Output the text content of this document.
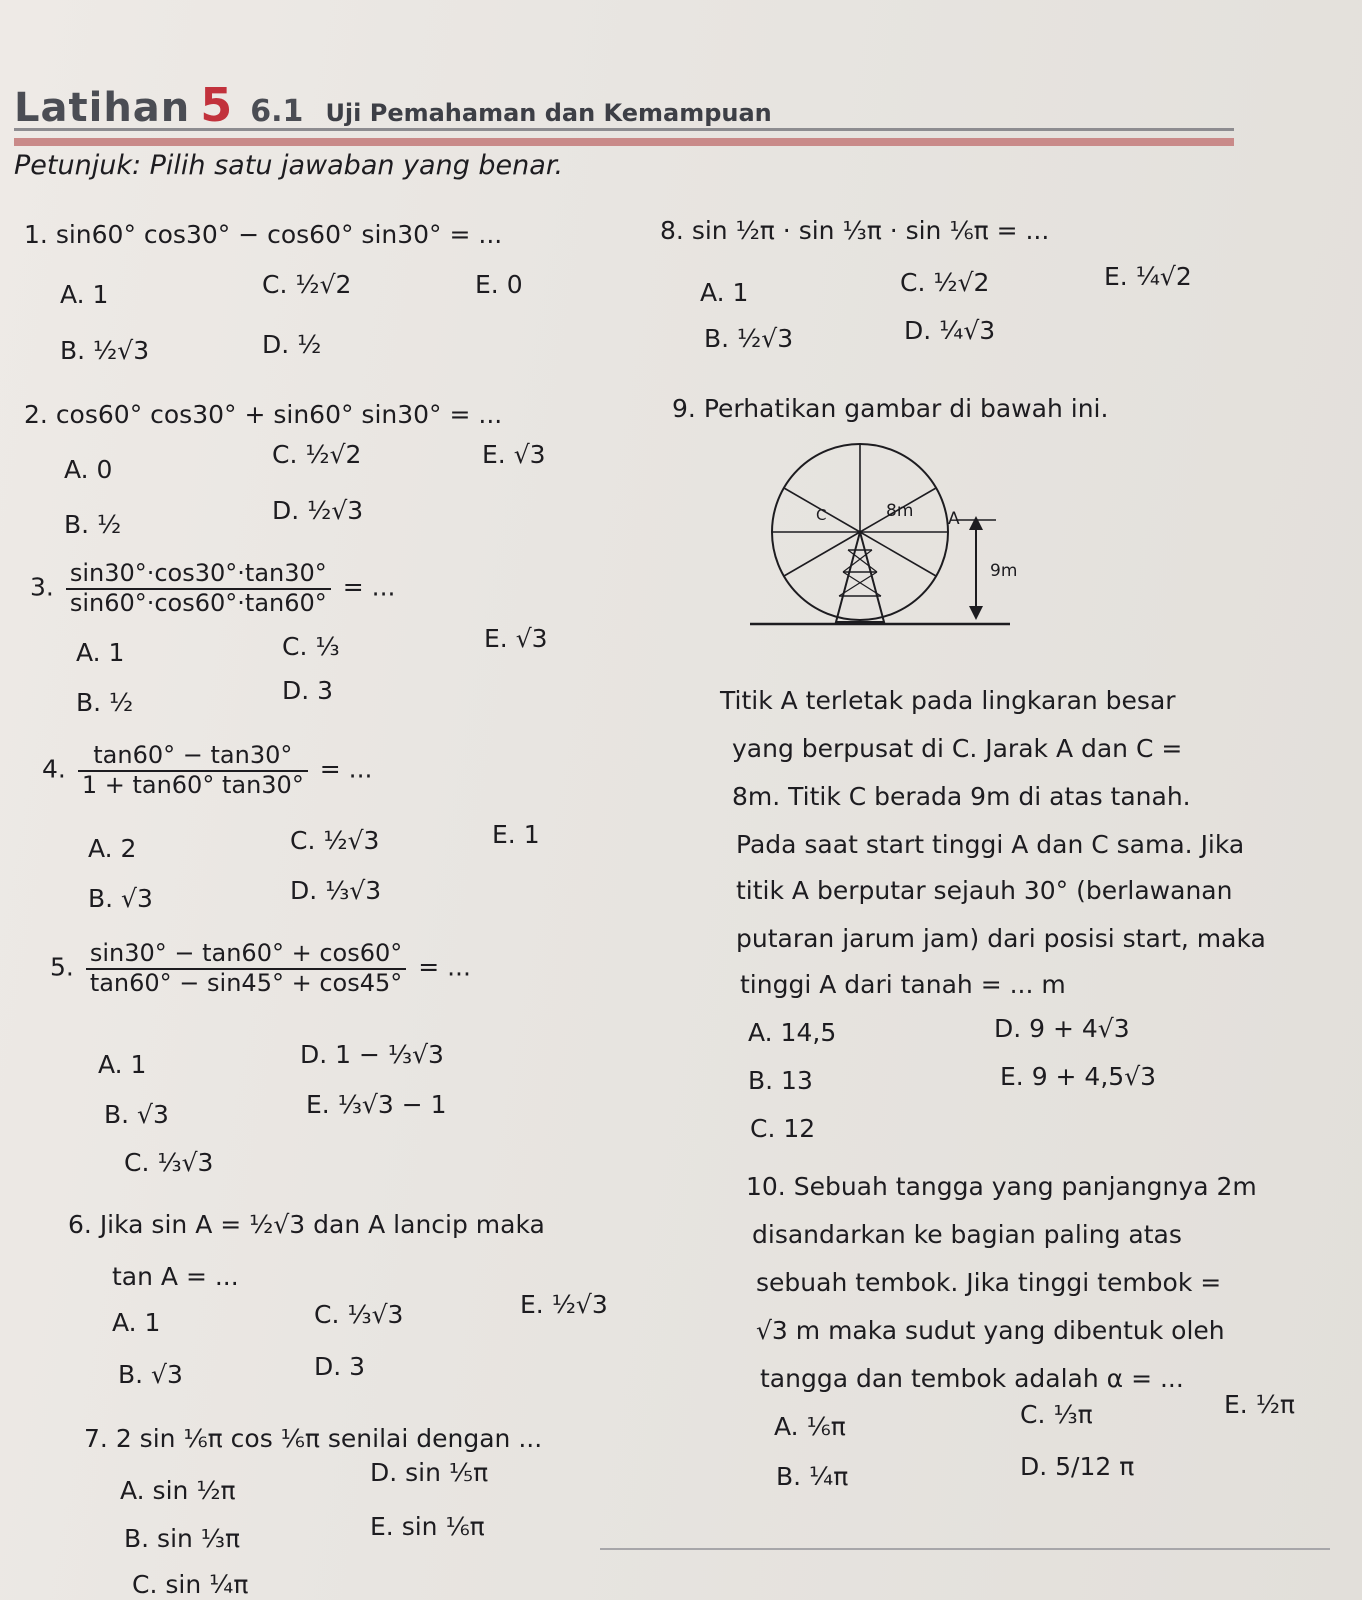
Latihan 5 6.1 Uji Pemahaman dan Kemampuan
Petunjuk: Pilih satu jawaban yang benar.
1. sin60° cos30° − cos60° sin30° = ...
A. 1	C. ½√2	E. 0
B. ½√3	D. ½
2. cos60° cos30° + sin60° sin30° = ...
A. 0
C. ½√2	E. √3
B. ½	D. ½√3
3. $\frac{\sin 30^\circ\cdot\cos 30^\circ\cdot\tan 30^\circ}{\sin 60^\circ\cdot\cos 60^\circ\cdot\tan 60^\circ}$ = ...
A. 1	C. ⅓	E. √3
B. ½	D. 3
4. $\frac{\tan 60^\circ - \tan 30^\circ}{1 + \tan 60^\circ \tan 30^\circ}$ = ...
A. 2	C. ½√3	E. 1
B. √3	D. ⅓√3
5. $\frac{\sin 30^\circ - \tan 60^\circ + \cos 60^\circ}{\tan 60^\circ - \sin 45^\circ + \cos 45^\circ}$ = ...
A. 1	D. 1 − ⅓√3
B. √3	E. ⅓√3 − 1
C. ⅓√3
6. Jika sin A = ½√3 dan A lancip maka
tan A = ...
A. 1	C. ⅓√3	E. ½√3
B. √3	D. 3
7. 2 sin ⅙π cos ⅙π senilai dengan ...
A. sin ½π
D. sin ⅕π
B. sin ⅓π	E. sin ⅙π
C. sin ¼π
8. sin ½π · sin ⅓π · sin ⅙π = ...
A. 1	C. ½√2	E. ¼√2
B. ½√3	D. ¼√3
9. Perhatikan gambar di bawah ini.
C	A
8m
9m
Titik A terletak pada lingkaran besar
yang berpusat di C. Jarak A dan C =
8m. Titik C berada 9m di atas tanah.
Pada saat start tinggi A dan C sama. Jika
titik A berputar sejauh 30° (berlawanan
putaran jarum jam) dari posisi start, maka
tinggi A dari tanah = ... m
A. 14,5	D. 9 + 4√3
B. 13	E. 9 + 4,5√3
C. 12
10. Sebuah tangga yang panjangnya 2m
disandarkan ke bagian paling atas
sebuah tembok. Jika tinggi tembok =
√3 m maka sudut yang dibentuk oleh
tangga dan tembok adalah α = ...
A. ⅙π	C. ⅓π	E. ½π
B. ¼π	D. 5/12 π
